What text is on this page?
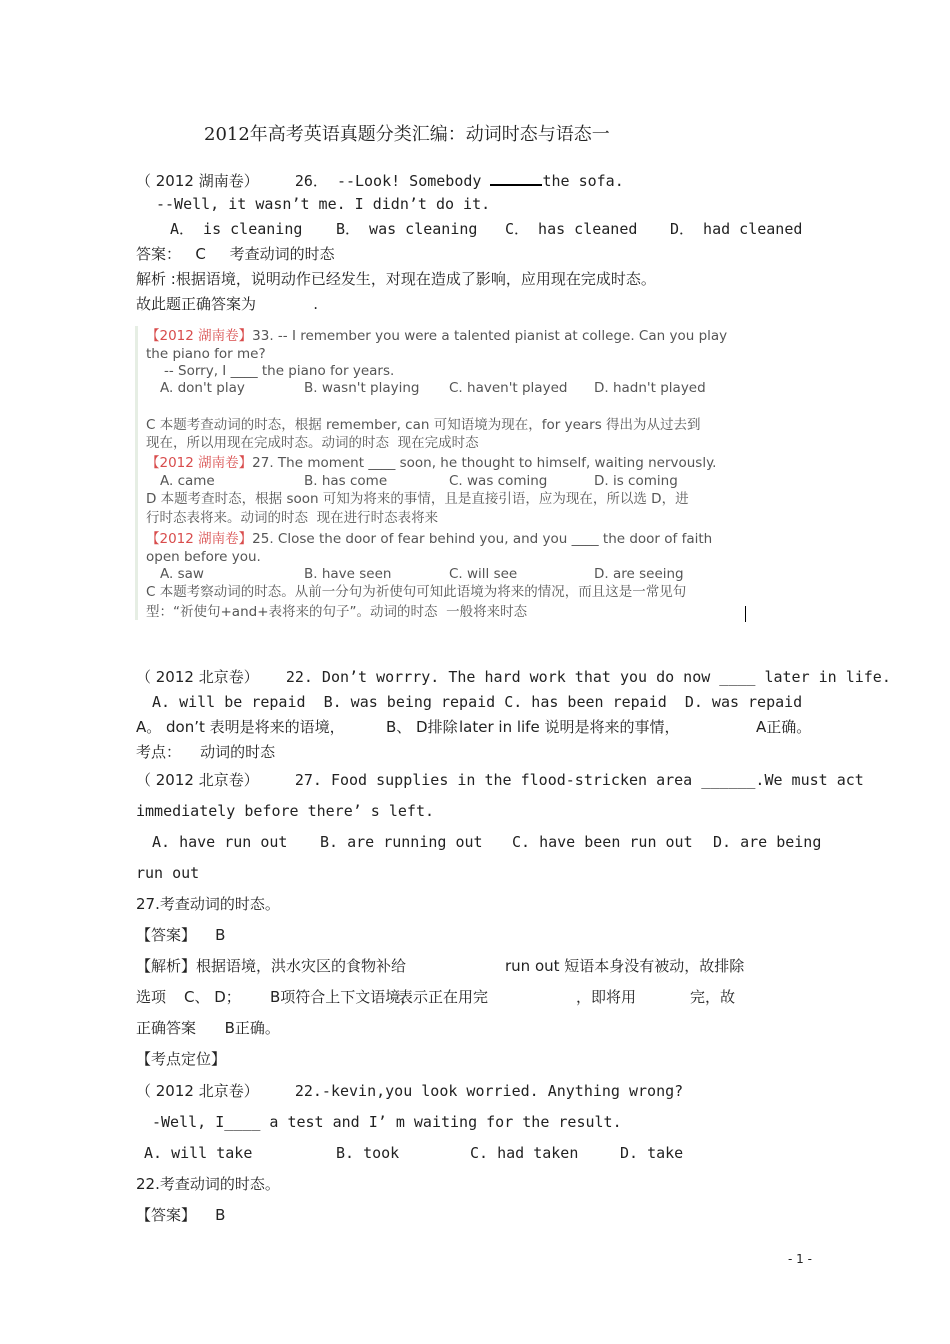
2012年高考英语真题分类汇编：动词时态与语态一
（ 2012 湖南卷） 26． --Look! Somebody	the sofa.
--Well, it wasn’t me. I didn’t do it.
A． is cleaning B． was cleaning C． has cleaned D． had cleaned
答案： C 考查动词的时态
解析 :根据语境，说明动作已经发生，对现在造成了影响，应用现在完成时态。
故此题正确答案为	.
【2012 湖南卷】33. -- I remember you were a talented pianist at college. Can you play
the piano for me?
-- Sorry, I ____ the piano for years.
A. don't play	B. wasn't playing C. haven't played D. hadn't played
C 本题考查动词的时态，根据 remember, can 可知语境为现在，for years 得出为从过去到
现在，所以用现在完成时态。动词的时态  现在完成时态
【2012 湖南卷】27. The moment ____ soon, he thought to himself, waiting nervously.
A. came	B. has come	C. was coming	D. is coming
D 本题考查时态，根据 soon 可知为将来的事情，且是直接引语，应为现在，所以选 D，进
行时态表将来。动词的时态  现在进行时态表将来
【2012 湖南卷】25. Close the door of fear behind you, and you ____ the door of faith
open before you.
A. saw	B. have seen	C. will see	D. are seeing
C 本题考察动词的时态。从前一分句为祈使句可知此语境为将来的情况，而且这是一常见句
型：“祈使句+and+表将来的句子”。动词的时态  一般将来时态
（ 2012 北京卷） 22. Don’t worrry. The hard work that you do now ____ later in life.
A. will be repaid  B. was being repaid C. has been repaid  D. was repaid
A。 don’t 表明是将来的语境，	B、 D排除 later in life 说明是将来的事情，	A正确。
考点： 动词的时态
（ 2012 北京卷） 27. Food supplies in the flood-stricken area ______.We must act
immediately before there’ s left.
A. have run out B. are running out C. have been run out D. are being
run out
27.考查动词的时态。
【答案】 B
【解析】根据语境，洪水灾区的食物补给	run out 短语本身没有被动，故排除
选项 C、 D； B项符合上下文语境，
表示正在用完	，即将用	完，故
正确答案 B正确。
【考点定位】
（ 2012 北京卷） 22.-kevin,you look worried. Anything wrong?
-Well, I____ a test and I’ m waiting for the result.
A. will take	B. took	C. had taken	D. take
22.考查动词的时态。
【答案】 B
- 1 -
